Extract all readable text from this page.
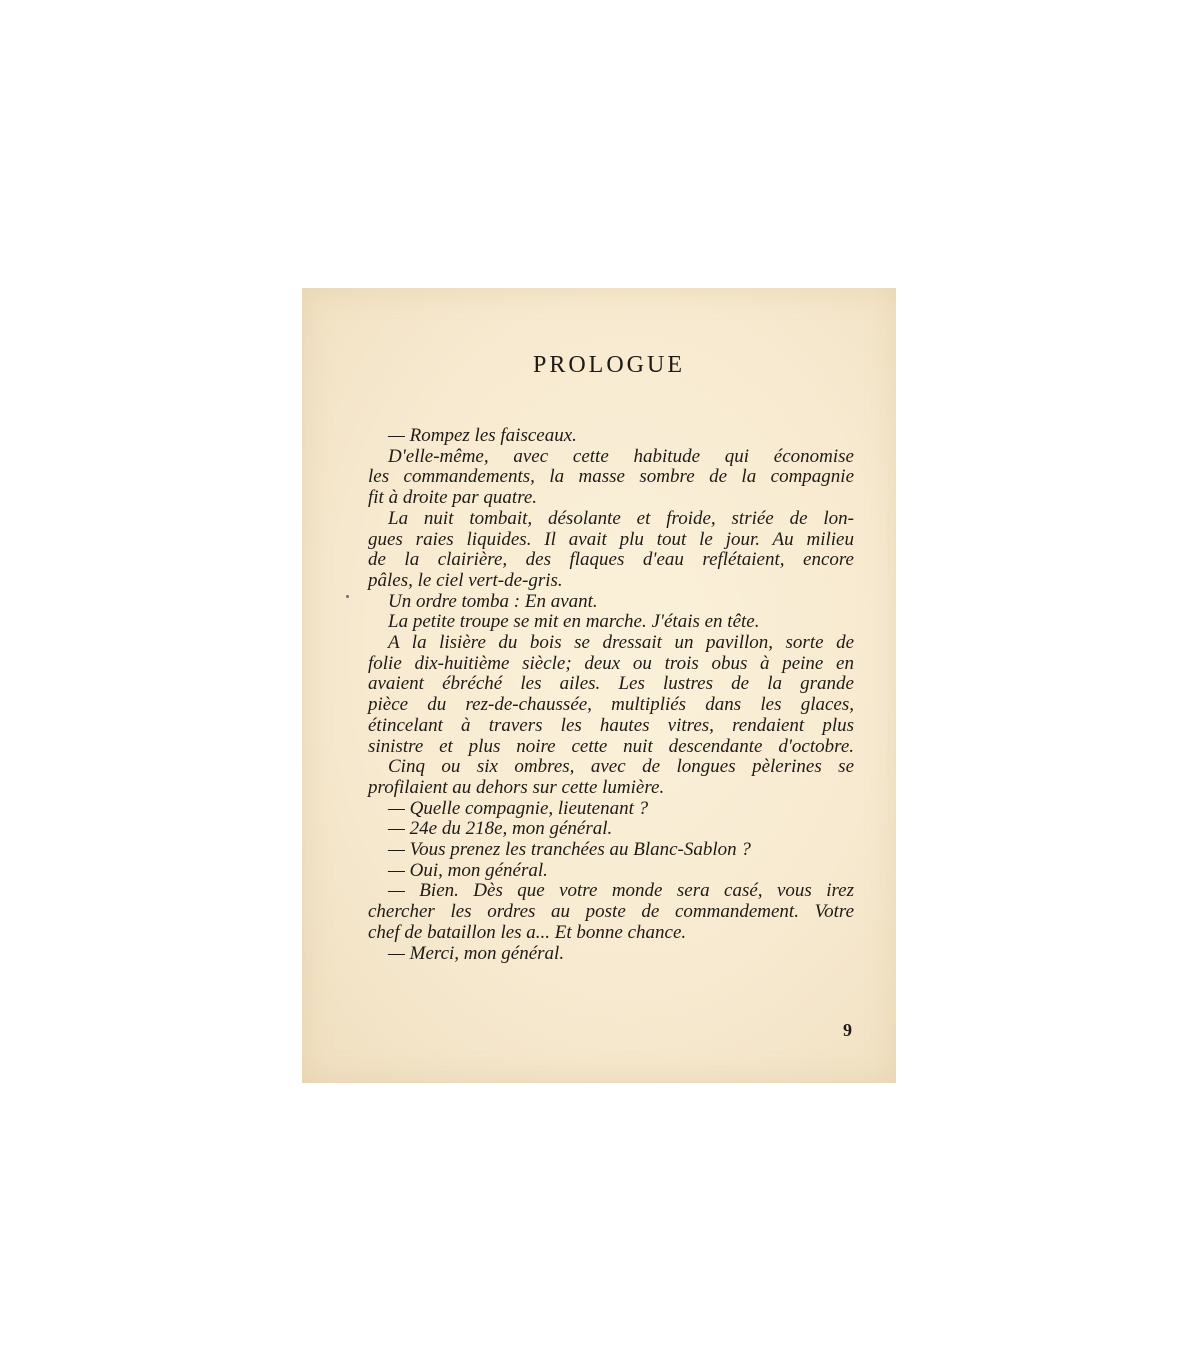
PROLOGUE
— Rompez les faisceaux.
D'elle-même, avec cette habitude qui économise
les commandements, la masse sombre de la compagnie
fit à droite par quatre.
La nuit tombait, désolante et froide, striée de lon-
gues raies liquides. Il avait plu tout le jour. Au milieu
de la clairière, des flaques d'eau reflétaient, encore
pâles, le ciel vert-de-gris.
Un ordre tomba : En avant.
La petite troupe se mit en marche. J'étais en tête.
A la lisière du bois se dressait un pavillon, sorte de
folie dix-huitième siècle; deux ou trois obus à peine en
avaient ébréché les ailes. Les lustres de la grande
pièce du rez-de-chaussée, multipliés dans les glaces,
étincelant à travers les hautes vitres, rendaient plus
sinistre et plus noire cette nuit descendante d'octobre.
Cinq ou six ombres, avec de longues pèlerines se
profilaient au dehors sur cette lumière.
— Quelle compagnie, lieutenant ?
— 24e du 218e, mon général.
— Vous prenez les tranchées au Blanc-Sablon ?
— Oui, mon général.
— Bien. Dès que votre monde sera casé, vous irez
chercher les ordres au poste de commandement. Votre
chef de bataillon les a... Et bonne chance.
— Merci, mon général.
9
